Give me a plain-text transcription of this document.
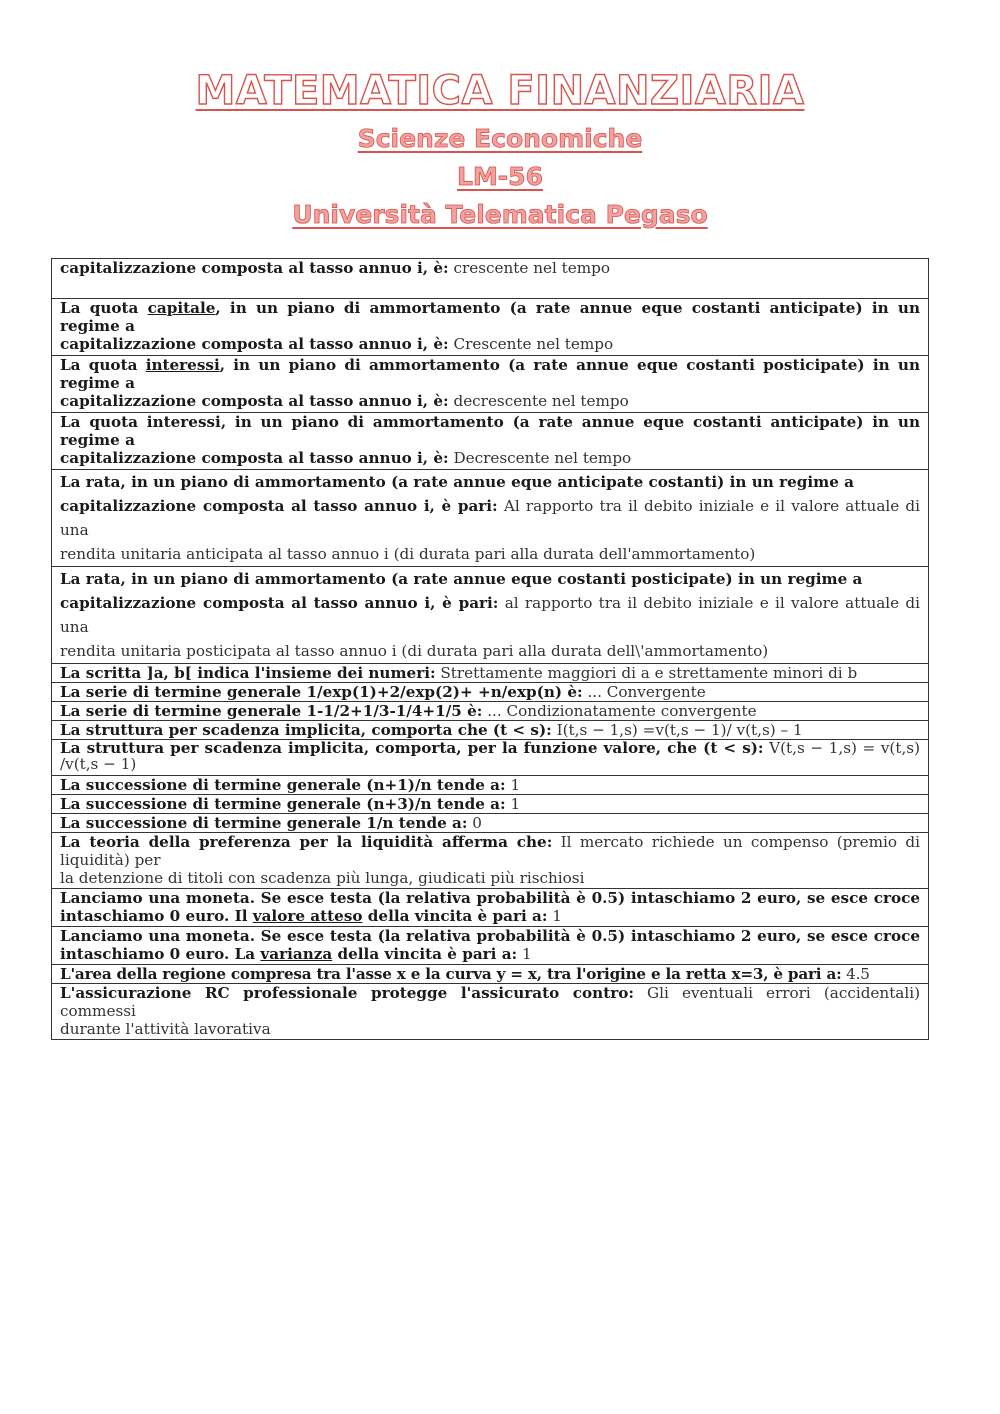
MATEMATICA FINANZIARIA
Scienze Economiche
LM-56
Università Telematica Pegaso
capitalizzazione composta al tasso annuo i, è: crescente nel tempo
La quota capitale, in un piano di ammortamento (a rate annue eque costanti anticipate) in un regime a
capitalizzazione composta al tasso annuo i, è: Crescente nel tempo
La quota interessi, in un piano di ammortamento (a rate annue eque costanti posticipate) in un regime a
capitalizzazione composta al tasso annuo i, è: decrescente nel tempo
La quota interessi, in un piano di ammortamento (a rate annue eque costanti anticipate) in un regime a
capitalizzazione composta al tasso annuo i, è: Decrescente nel tempo
La rata, in un piano di ammortamento (a rate annue eque anticipate costanti) in un regime a
capitalizzazione composta al tasso annuo i, è pari: Al rapporto tra il debito iniziale e il valore attuale di una
rendita unitaria anticipata al tasso annuo i (di durata pari alla durata dell'ammortamento)
La rata, in un piano di ammortamento (a rate annue eque costanti posticipate) in un regime a
capitalizzazione composta al tasso annuo i, è pari: al rapporto tra il debito iniziale e il valore attuale di una
rendita unitaria posticipata al tasso annuo i (di durata pari alla durata dell\'ammortamento)
La scritta ]a, b[ indica l'insieme dei numeri: Strettamente maggiori di a e strettamente minori di b
La serie di termine generale 1/exp(1)+2/exp(2)+ +n/exp(n) è: ... Convergente
La serie di termine generale 1-1/2+1/3-1/4+1/5 è: ... Condizionatamente convergente
La struttura per scadenza implicita, comporta che (t < s): I(t,s − 1,s) =v(t,s − 1)/ v(t,s) – 1
La struttura per scadenza implicita, comporta, per la funzione valore, che (t < s): V(t,s − 1,s) = v(t,s) /v(t,s − 1)
La successione di termine generale (n+1)/n tende a: 1
La successione di termine generale (n+3)/n tende a: 1
La successione di termine generale 1/n tende a: 0
La teoria della preferenza per la liquidità afferma che: Il mercato richiede un compenso (premio di liquidità) per
la detenzione di titoli con scadenza più lunga, giudicati più rischiosi
Lanciamo una moneta. Se esce testa (la relativa probabilità è 0.5) intaschiamo 2 euro, se esce croce intaschiamo 0 euro. Il valore atteso della vincita è pari a: 1
Lanciamo una moneta. Se esce testa (la relativa probabilità è 0.5) intaschiamo 2 euro, se esce croce intaschiamo 0 euro. La varianza della vincita è pari a: 1
L'area della regione compresa tra l'asse x e la curva y = x, tra l'origine e la retta x=3, è pari a: 4.5
L'assicurazione RC professionale protegge l'assicurato contro: Gli eventuali errori (accidentali) commessi
durante l'attività lavorativa
